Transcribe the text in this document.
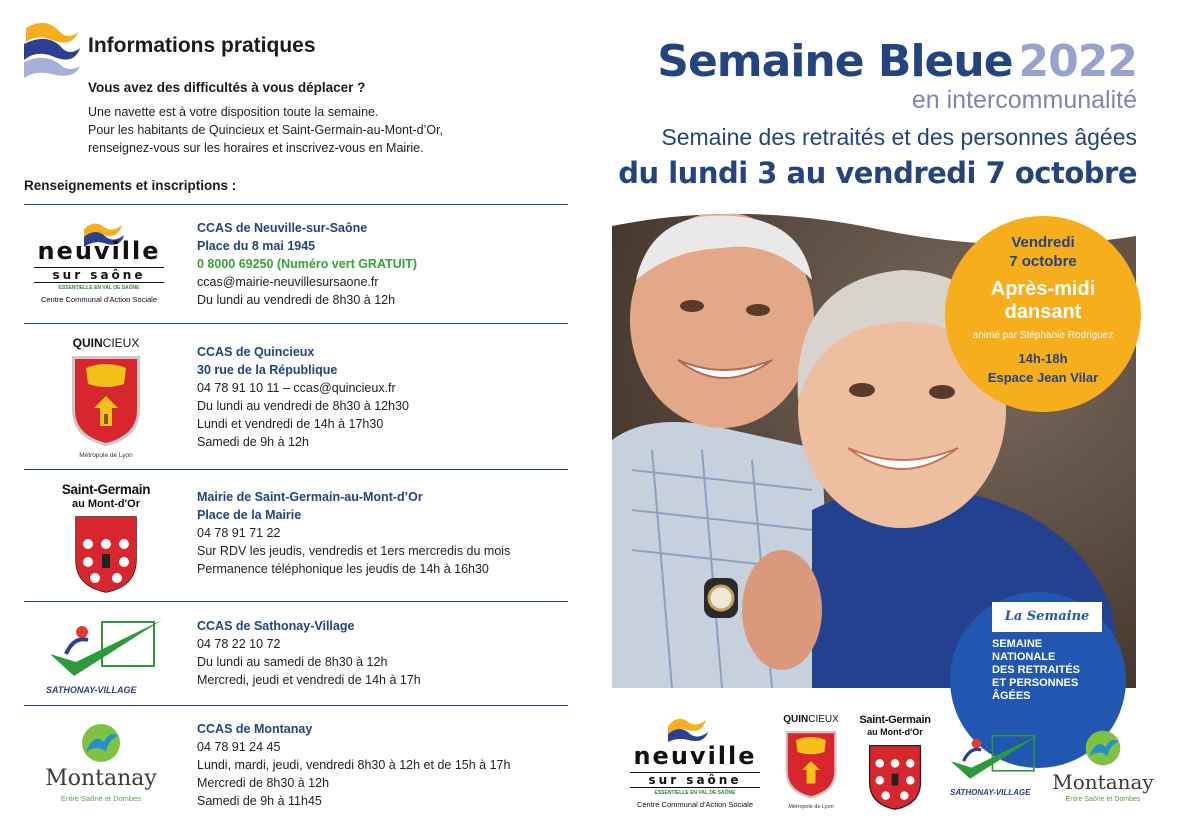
Informations pratiques
Vous avez des difficultés à vous déplacer ?
Une navette est à votre disposition toute la semaine.
Pour les habitants de Quincieux et Saint-Germain-au-Mont-d’Or,
renseignez-vous sur les horaires et inscrivez-vous en Mairie.
Renseignements et inscriptions :
neuville
sur saône
ESSENTIELLE EN VAL DE SAÔNE
Centre Communal d'Action Sociale
CCAS de Neuville-sur-Saône
Place du 8 mai 1945
0 8000 69250 (Numéro vert GRATUIT)
ccas@mairie-neuvillesursaone.fr
Du lundi au vendredi de 8h30 à 12h
QUINCIEUX
Métropole de Lyon
CCAS de Quincieux
30 rue de la République
04 78 91 10 11 – ccas@quincieux.fr
Du lundi au vendredi de 8h30 à 12h30
Lundi et vendredi de 14h à 17h30
Samedi de 9h à 12h
Saint-Germain
au Mont-d'Or	Mairie de Saint-Germain-au-Mont-d’Or
Place de la Mairie
04 78 91 71 22
Sur RDV les jeudis, vendredis et 1ers mercredis du mois
Permanence téléphonique les jeudis de 14h à 16h30
SATHONAY-VILLAGE
CCAS de Sathonay-Village
04 78 22 10 72
Du lundi au samedi de 8h30 à 12h
Mercredi, jeudi et vendredi de 14h à 17h
Montanay
Entre Saône et Dombes
CCAS de Montanay
04 78 91 24 45
Lundi, mardi, jeudi, vendredi 8h30 à 12h et de 15h à 17h
Mercredi de 8h30 à 12h
Samedi de 9h à 11h45
Semaine Bleue 2022
en intercommunalité
Semaine des retraités et des personnes âgées
du lundi 3 au vendredi 7 octobre
Vendredi
7 octobre
Après-midi
dansant
animé par Stéphanie Rodriguez
14h-18h
Espace Jean Vilar
La Semaine Bleue
SEMAINE
NATIONALE
DES RETRAITÉS
ET PERSONNES
ÂGÉES
neuville
sur saône
ESSENTIELLE EN VAL DE SAÔNE
Centre Communal d'Action Sociale
QUINCIEUX
Métropole de Lyon
Saint-Germain
au Mont-d'Or
SATHONAY-VILLAGE	Montanay
Entre Saône et Dombes
